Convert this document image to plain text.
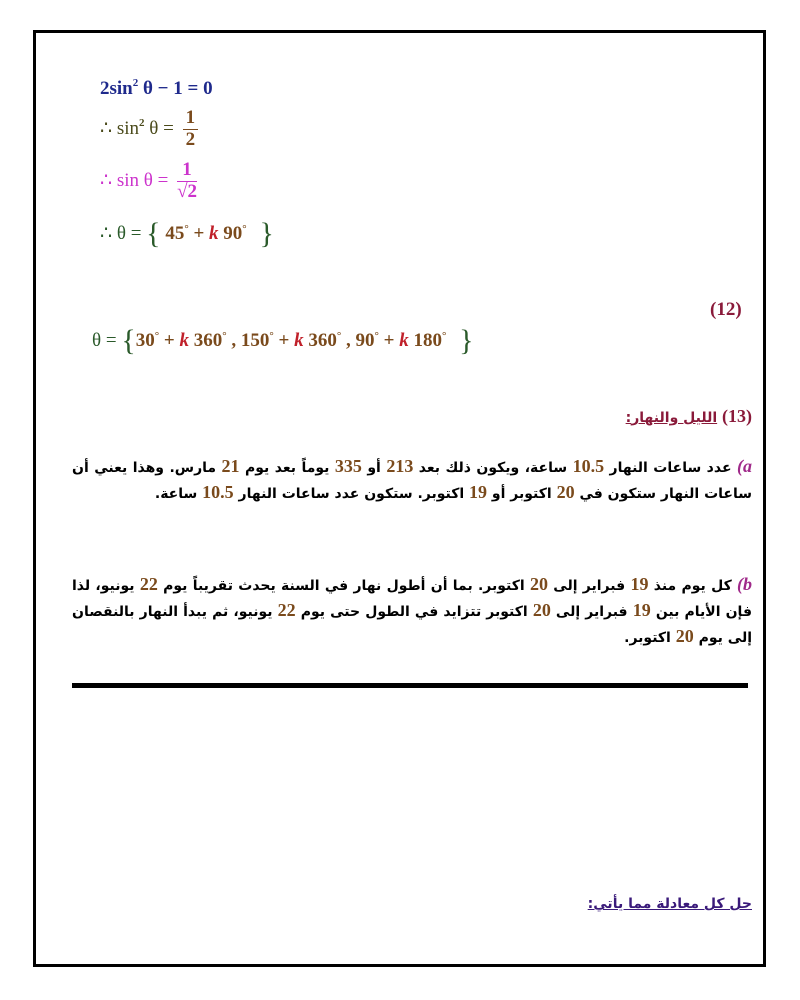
$2\sin^2$ θ − 1 = 0
∴ $\sin^2 \theta = \frac{1}{2}$
∴ $\sin \theta = \frac{1}{√2}$
∴ θ = { 45° + k 90° }
(12)
θ = {30° + k 360° , 150° + k 360° , 90° + k 180° }
(13) الليل والنهار:
a) عدد ساعات النهار 10.5 ساعة، ويكون ذلك بعد 213 أو 335 يوماً بعد يوم 21 مارس. وهذا يعني أن ساعات النهار ستكون في 20 اكتوبر أو 19 اكتوبر. ستكون عدد ساعات النهار 10.5 ساعة.
b) كل يوم منذ 19 فبراير إلى 20 اكتوبر. بما أن أطول نهار في السنة يحدث تقريباً يوم 22 يونيو، لذا فإن الأيام بين 19 فبراير إلى 20 اكتوبر تتزايد في الطول حتى يوم 22 يونيو، ثم يبدأ النهار بالنقصان إلى يوم 20 اكتوبر.
حل كل معادلة مما يأتي:
